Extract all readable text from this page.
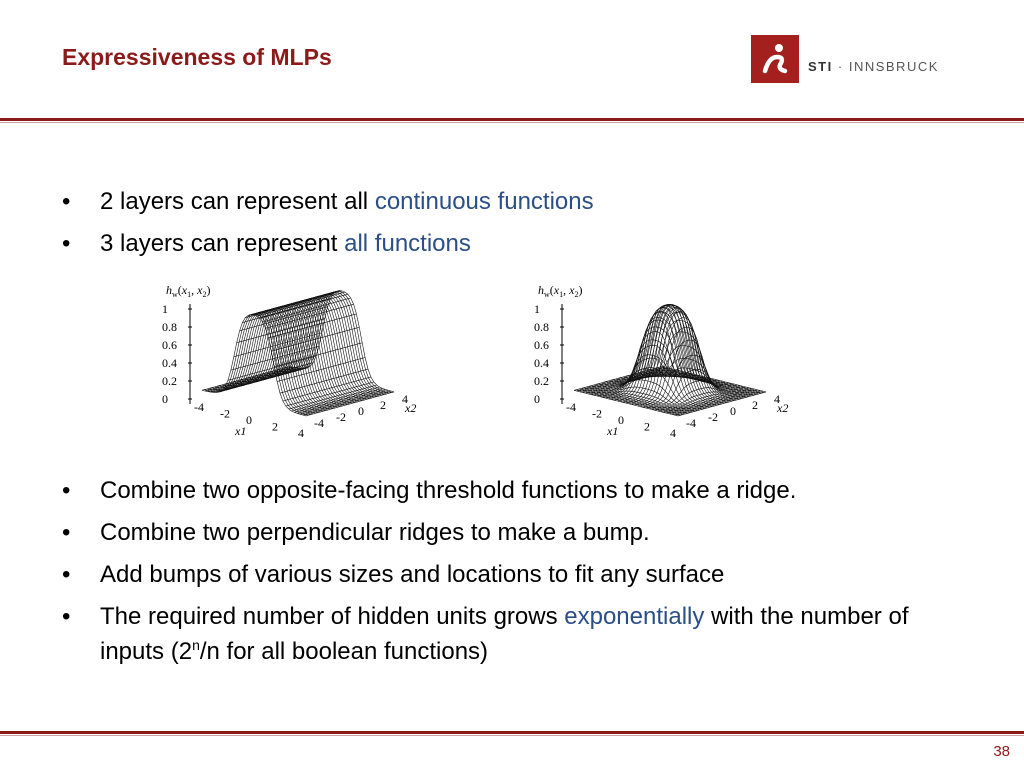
Expressiveness of MLPs	STI · INNSBRUCK
• 2 layers can represent all continuous functions
• 3 layers can represent all functions
$h_w(x_1$, $x_2$)
1
0.8
0.6
0.4
0.2
0
-4 -2 0 2 4
-4 -2 0 2 4
x1
x2
$h_w(x_1$, $x_2$)
1
0.8
0.6
0.4
0.2
0
-4 -2 0 2 4
-4 -2 0 2 4
x1
x2
• Combine two opposite-facing threshold functions to make a ridge.
• Combine two perpendicular ridges to make a bump.
• Add bumps of various sizes and locations to fit any surface
• The required number of hidden units grows exponentially with the number of inputs (2$^n$/n for all boolean functions)
38
